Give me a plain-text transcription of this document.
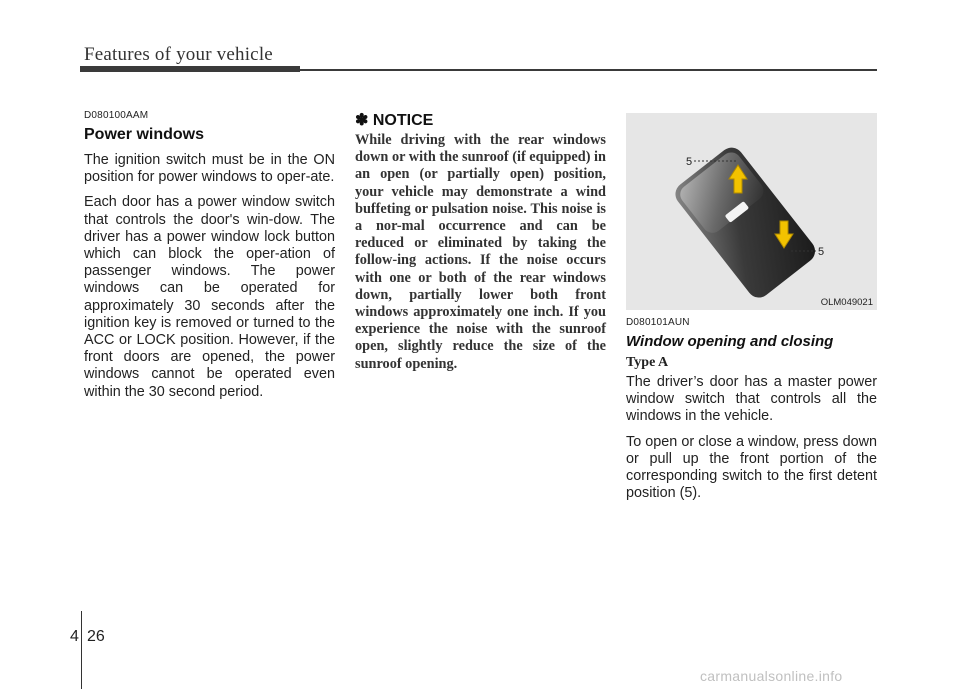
Features of your vehicle
D080100AAM
Power windows

The ignition switch must be in the ON position for power windows to oper-ate.

Each door has a power window switch that controls the door's win-dow. The driver has a power window lock button which can block the oper-ation of passenger windows. The power windows can be operated for approximately 30 seconds after the ignition key is removed or turned to the ACC or LOCK position. However, if the front doors are opened, the power windows cannot be operated even within the 30 second period.

✽ NOTICE

While driving with the rear windows down or with the sunroof (if equipped) in an open (or partially open) position, your vehicle may demonstrate a wind buffeting or pulsation noise. This noise is a nor-mal occurrence and can be reduced or eliminated by taking the follow-ing actions. If the noise occurs with one or both of the rear windows down, partially lower both front windows approximately one inch. If you experience the noise with the sunroof open, slightly reduce the size of the sunroof opening.

5
5
OLM049021
D080101AUN
Window opening and closing
Type A

The driver’s door has a master power window switch that controls all the windows in the vehicle.

To open or close a window, press down or pull up the front portion of the corresponding switch to the first detent position (5).

4 26
carmanualsonline.info
